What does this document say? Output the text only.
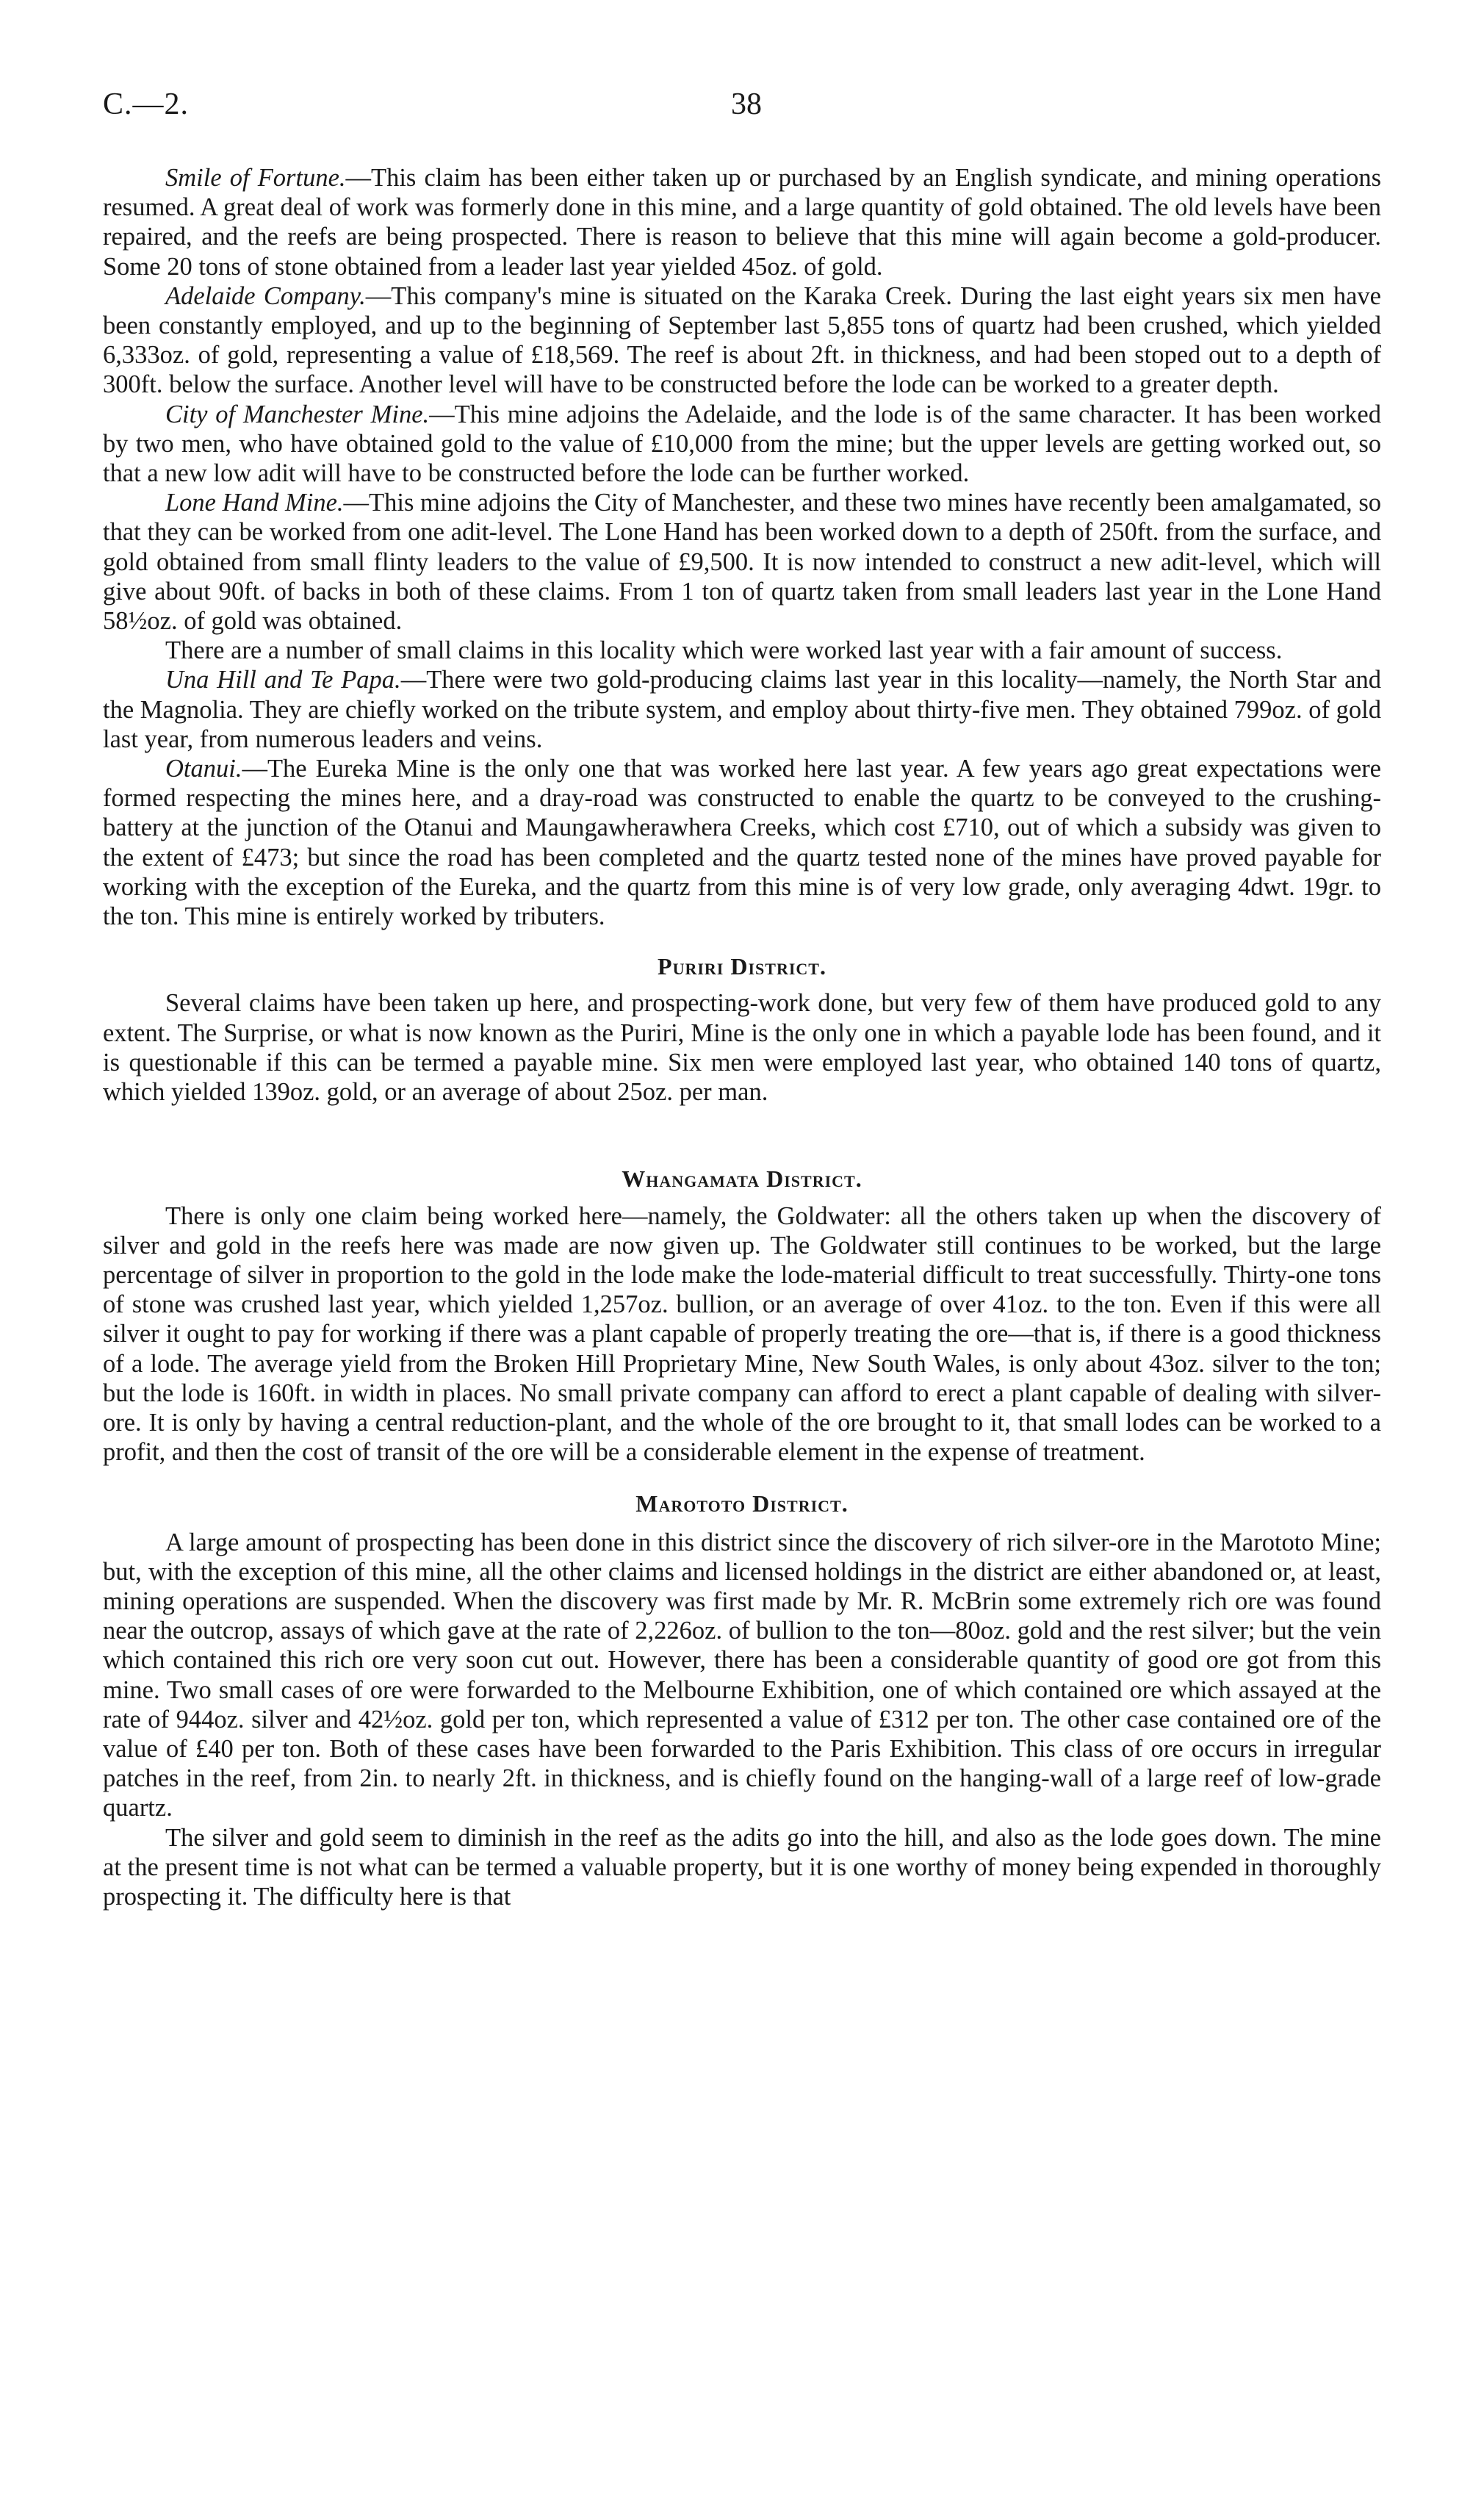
C.—2.	38

Smile of Fortune.—This claim has been either taken up or purchased by an English syndicate, and mining operations resumed. A great deal of work was formerly done in this mine, and a large quantity of gold obtained. The old levels have been repaired, and the reefs are being prospected. There is reason to believe that this mine will again become a gold-producer. Some 20 tons of stone obtained from a leader last year yielded 45oz. of gold.

Adelaide Company.—This company's mine is situated on the Karaka Creek. During the last eight years six men have been constantly employed, and up to the beginning of September last 5,855 tons of quartz had been crushed, which yielded 6,333oz. of gold, representing a value of £18,569. The reef is about 2ft. in thickness, and had been stoped out to a depth of 300ft. below the surface. Another level will have to be constructed before the lode can be worked to a greater depth.

City of Manchester Mine.—This mine adjoins the Adelaide, and the lode is of the same character. It has been worked by two men, who have obtained gold to the value of £10,000 from the mine; but the upper levels are getting worked out, so that a new low adit will have to be constructed before the lode can be further worked.

Lone Hand Mine.—This mine adjoins the City of Manchester, and these two mines have recently been amalgamated, so that they can be worked from one adit-level. The Lone Hand has been worked down to a depth of 250ft. from the surface, and gold obtained from small flinty leaders to the value of £9,500. It is now intended to construct a new adit-level, which will give about 90ft. of backs in both of these claims. From 1 ton of quartz taken from small leaders last year in the Lone Hand 58½oz. of gold was obtained.

There are a number of small claims in this locality which were worked last year with a fair amount of success.

Una Hill and Te Papa.—There were two gold-producing claims last year in this locality—namely, the North Star and the Magnolia. They are chiefly worked on the tribute system, and employ about thirty-five men. They obtained 799oz. of gold last year, from numerous leaders and veins.

Otanui.—The Eureka Mine is the only one that was worked here last year. A few years ago great expectations were formed respecting the mines here, and a dray-road was constructed to enable the quartz to be conveyed to the crushing-battery at the junction of the Otanui and Maungawherawhera Creeks, which cost £710, out of which a subsidy was given to the extent of £473; but since the road has been completed and the quartz tested none of the mines have proved payable for working with the exception of the Eureka, and the quartz from this mine is of very low grade, only averaging 4dwt. 19gr. to the ton. This mine is entirely worked by tributers.

Puriri District.

Several claims have been taken up here, and prospecting-work done, but very few of them have produced gold to any extent. The Surprise, or what is now known as the Puriri, Mine is the only one in which a payable lode has been found, and it is questionable if this can be termed a payable mine. Six men were employed last year, who obtained 140 tons of quartz, which yielded 139oz. gold, or an average of about 25oz. per man.

Whangamata District.

There is only one claim being worked here—namely, the Goldwater: all the others taken up when the discovery of silver and gold in the reefs here was made are now given up. The Goldwater still continues to be worked, but the large percentage of silver in proportion to the gold in the lode make the lode-material difficult to treat successfully. Thirty-one tons of stone was crushed last year, which yielded 1,257oz. bullion, or an average of over 41oz. to the ton. Even if this were all silver it ought to pay for working if there was a plant capable of properly treating the ore—that is, if there is a good thickness of a lode. The average yield from the Broken Hill Proprietary Mine, New South Wales, is only about 43oz. silver to the ton; but the lode is 160ft. in width in places. No small private company can afford to erect a plant capable of dealing with silver-ore. It is only by having a central reduction-plant, and the whole of the ore brought to it, that small lodes can be worked to a profit, and then the cost of transit of the ore will be a considerable element in the expense of treatment.

Marototo District.

A large amount of prospecting has been done in this district since the discovery of rich silver-ore in the Marototo Mine; but, with the exception of this mine, all the other claims and licensed holdings in the district are either abandoned or, at least, mining operations are suspended. When the discovery was first made by Mr. R. McBrin some extremely rich ore was found near the outcrop, assays of which gave at the rate of 2,226oz. of bullion to the ton—80oz. gold and the rest silver; but the vein which contained this rich ore very soon cut out. However, there has been a considerable quantity of good ore got from this mine. Two small cases of ore were forwarded to the Melbourne Exhibition, one of which contained ore which assayed at the rate of 944oz. silver and 42½oz. gold per ton, which represented a value of £312 per ton. The other case contained ore of the value of £40 per ton. Both of these cases have been forwarded to the Paris Exhibition. This class of ore occurs in irregular patches in the reef, from 2in. to nearly 2ft. in thickness, and is chiefly found on the hanging-wall of a large reef of low-grade quartz.

The silver and gold seem to diminish in the reef as the adits go into the hill, and also as the lode goes down. The mine at the present time is not what can be termed a valuable property, but it is one worthy of money being expended in thoroughly prospecting it. The difficulty here is that
